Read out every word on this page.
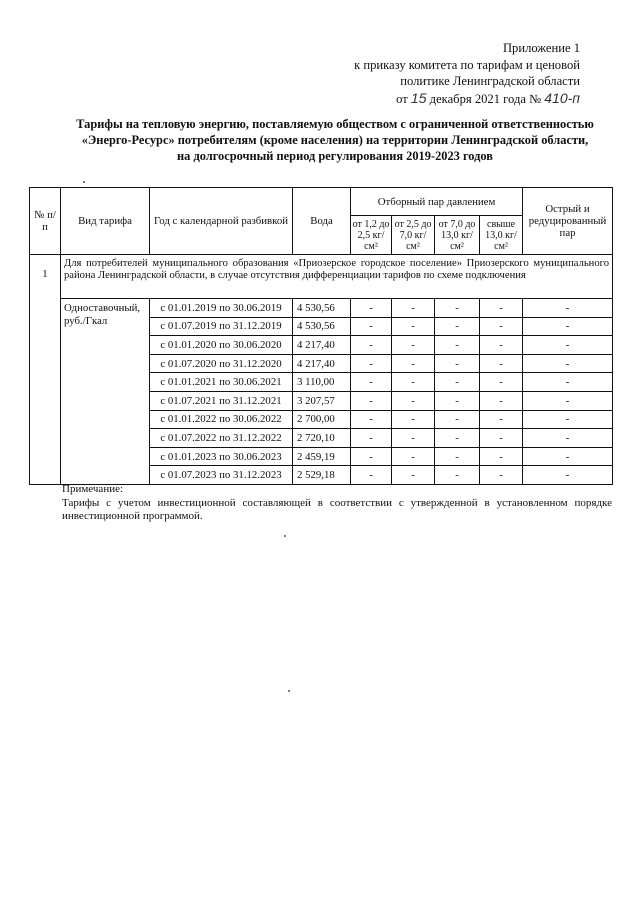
Приложение 1
к приказу комитета по тарифам и ценовой
политике Ленинградской области
от 15 декабря 2021 года № 410-п
Тарифы на тепловую энергию, поставляемую обществом с ограниченной ответственностью
«Энерго-Ресурс» потребителям (кроме населения) на территории Ленинградской области,
на долгосрочный период регулирования 2019-2023 годов
№ п/п	Вид тарифа	Год с календарной разбивкой	Вода	Отборный пар давлением				Острый и редуцированный пар
				от 1,2 до 2,5 кг/см²	от 2,5 до 7,0 кг/см²	от 7,0 до 13,0 кг/см²	свыше 13,0 кг/см²	
1	Для потребителей муниципального образования «Приозерское городское поселение» Приозерского муниципального района Ленинградской области, в случае отсутствия дифференциации тарифов по схеме подключения							
	Одноставочный, руб./Гкал	с 01.01.2019 по 30.06.2019	4 530,56	-	-	-	-	-
		с 01.07.2019 по 31.12.2019	4 530,56	-	-	-	-	-
		с 01.01.2020 по 30.06.2020	4 217,40	-	-	-	-	-
		с 01.07.2020 по 31.12.2020	4 217,40	-	-	-	-	-
		с 01.01.2021 по 30.06.2021	3 110,00	-	-	-	-	-
		с 01.07.2021 по 31.12.2021	3 207,57	-	-	-	-	-
		с 01.01.2022 по 30.06.2022	2 700,00	-	-	-	-	-
		с 01.07.2022 по 31.12.2022	2 720,10	-	-	-	-	-
		с 01.01.2023 по 30.06.2023	2 459,19	-	-	-	-	-
		с 01.07.2023 по 31.12.2023	2 529,18	-	-	-	-	-
Примечание:
Тарифы с учетом инвестиционной составляющей в соответствии с утвержденной в установленном порядке инвестиционной программой.
